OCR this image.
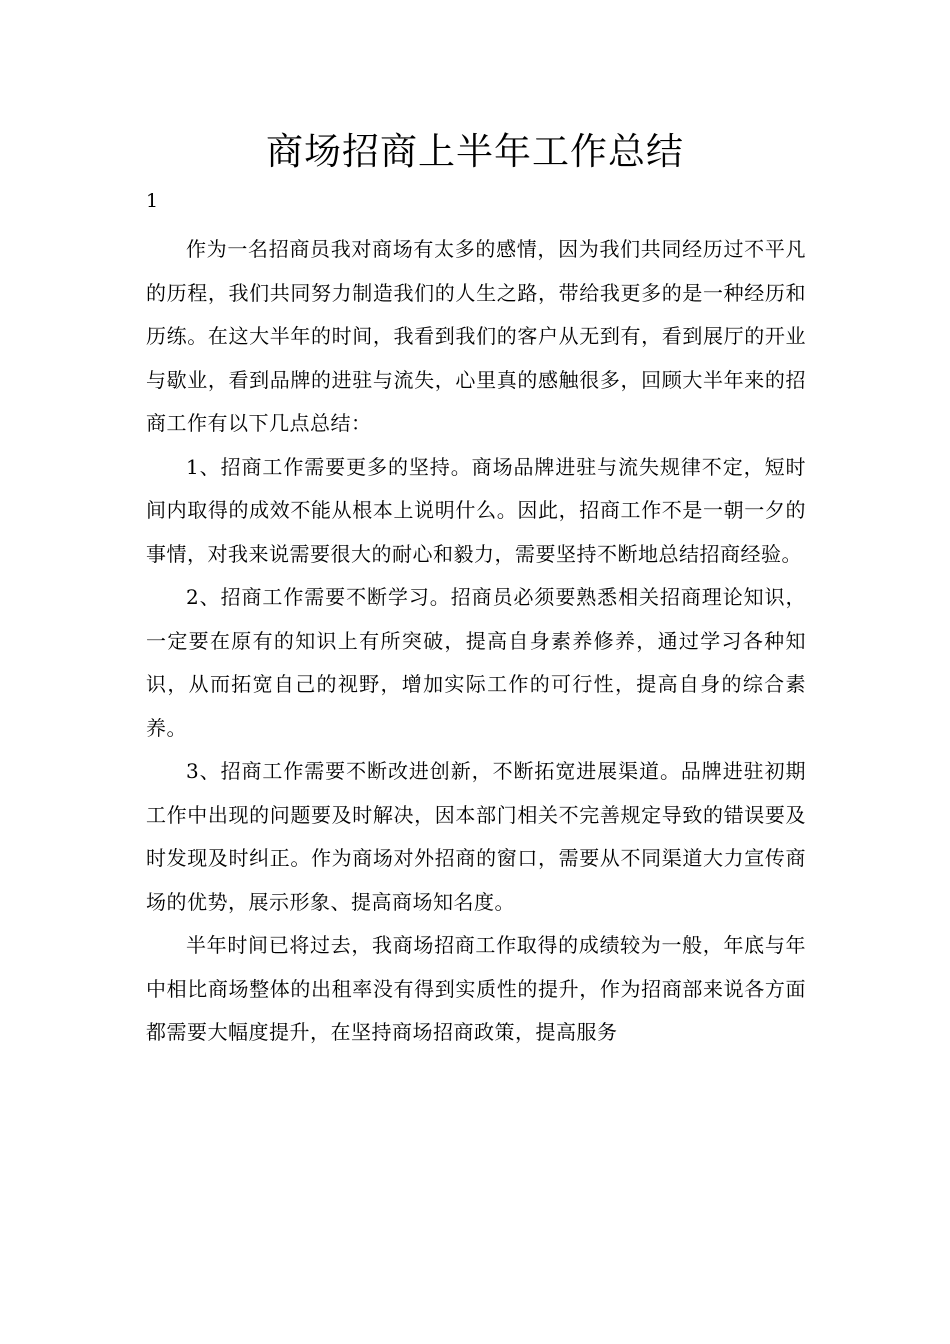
商场招商上半年工作总结
1

作为一名招商员我对商场有太多的感情，因为我们共同经历过不平凡的历程，我们共同努力制造我们的人生之路，带给我更多的是一种经历和历练。在这大半年的时间，我看到我们的客户从无到有，看到展厅的开业与歇业，看到品牌的进驻与流失，心里真的感触很多，回顾大半年来的招商工作有以下几点总结：

1、招商工作需要更多的坚持。商场品牌进驻与流失规律不定，短时间内取得的成效不能从根本上说明什么。因此，招商工作不是一朝一夕的事情，对我来说需要很大的耐心和毅力，需要坚持不断地总结招商经验。

2、招商工作需要不断学习。招商员必须要熟悉相关招商理论知识，一定要在原有的知识上有所突破，提高自身素养修养，通过学习各种知识，从而拓宽自己的视野，增加实际工作的可行性，提高自身的综合素养。

3、招商工作需要不断改进创新，不断拓宽进展渠道。品牌进驻初期工作中出现的问题要及时解决，因本部门相关不完善规定导致的错误要及时发现及时纠正。作为商场对外招商的窗口，需要从不同渠道大力宣传商场的优势，展示形象、提高商场知名度。

半年时间已将过去，我商场招商工作取得的成绩较为一般，年底与年中相比商场整体的出租率没有得到实质性的提升，作为招商部来说各方面都需要大幅度提升，在坚持商场招商政策，提高服务
